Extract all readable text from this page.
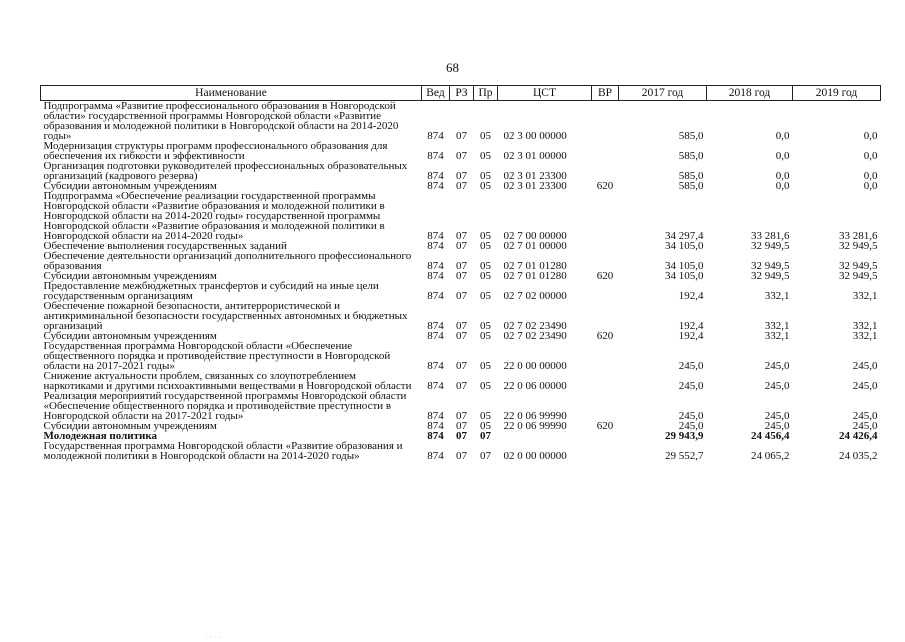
68
Наименование	Вед	РЗ	Пр	ЦСТ	ВР	2017 год	2018 год	2019 год
Подпрограмма «Развитие профессионального образования в Новгородской области» государственной программы Новгородской области «Развитие образования и молодежной политики в Новгородской области на 2014-2020 годы»	874	07	05	02 3 00 00000		585,0	0,0	0,0
Модернизация структуры программ профессионального образования для обеспечения их гибкости и эффективности	874	07	05	02 3 01 00000		585,0	0,0	0,0
Организация подготовки руководителей профессиональных образовательных организаций (кадрового резерва)	874	07	05	02 3 01 23300		585,0	0,0	0,0
Субсидии автономным учреждениям	874	07	05	02 3 01 23300	620	585,0	0,0	0,0
Подпрограмма «Обеспечение реализации государственной программы Новгородской области «Развитие образования и молодежной политики в Новгородской области на 2014-2020 годы» государственной программы Новгородской области «Развитие образования и молодежной политики в Новгородской области на 2014-2020 годы»	874	07	05	02 7 00 00000		34 297,4	33 281,6	33 281,6
Обеспечение выполнения государственных заданий	874	07	05	02 7 01 00000		34 105,0	32 949,5	32 949,5
Обеспечение деятельности организаций дополнительного профессионального образования	874	07	05	02 7 01 01280		34 105,0	32 949,5	32 949,5
Субсидии автономным учреждениям	874	07	05	02 7 01 01280	620	34 105,0	32 949,5	32 949,5
Предоставление межбюджетных трансфертов и субсидий на иные цели государственным организациям	874	07	05	02 7 02 00000		192,4	332,1	332,1
Обеспечение пожарной безопасности, антитеррористической и антикриминальной безопасности государственных автономных и бюджетных организаций	874	07	05	02 7 02 23490		192,4	332,1	332,1
Субсидии автономным учреждениям	874	07	05	02 7 02 23490	620	192,4	332,1	332,1
Государственная программа Новгородской области «Обеспечение общественного порядка и противодействие преступности в Новгородской области на 2017-2021 годы»	874	07	05	22 0 00 00000		245,0	245,0	245,0
Снижение актуальности проблем, связанных со злоупотреблением наркотиками и другими психоактивными веществами в Новгородской области	874	07	05	22 0 06 00000		245,0	245,0	245,0
Реализация мероприятий государственной программы Новгородской области «Обеспечение общественного порядка и противодействие преступности в Новгородской области на 2017-2021 годы»	874	07	05	22 0 06 99990		245,0	245,0	245,0
Субсидии автономным учреждениям	874	07	05	22 0 06 99990	620	245,0	245,0	245,0
Молодежная политика	874	07	07			29 943,9	24 456,4	24 426,4
Государственная программа Новгородской области «Развитие образования и молодежной политики в Новгородской области на 2014-2020 годы»	874	07	07	02 0 00 00000		29 552,7	24 065,2	24 035,2
· · · ·
